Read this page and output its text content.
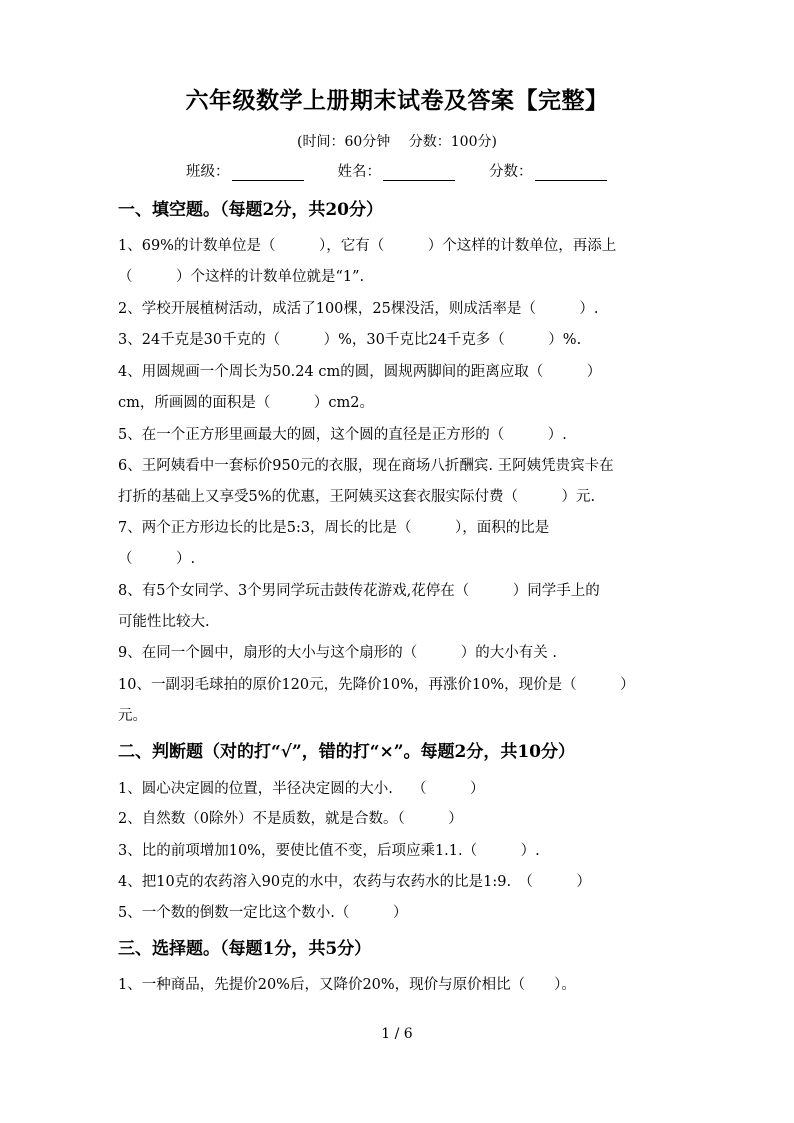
六年级数学上册期末试卷及答案【完整】
(时间：60分钟　 分数：100分)
班级：	姓名：	分数：
一、填空题。（每题2分，共20分）
1、69%的计数单位是（　　　），它有（　　　）个这样的计数单位，再添上
（　　　）个这样的计数单位就是“1”.
2、学校开展植树活动，成活了100棵，25棵没活，则成活率是（　　　）.
3、24千克是30千克的（　　　）%，30千克比24千克多（　　　）%.
4、用圆规画一个周长为50.24 cm的圆，圆规两脚间的距离应取（　　　）
cm，所画圆的面积是（　　　）cm2。
5、在一个正方形里画最大的圆，这个圆的直径是正方形的（　　　）.
6、王阿姨看中一套标价950元的衣服，现在商场八折酬宾. 王阿姨凭贵宾卡在
打折的基础上又享受5%的优惠，王阿姨买这套衣服实际付费（　　　）元.
7、两个正方形边长的比是5:3，周长的比是（　　　），面积的比是
（　　　）.
8、有5个女同学、3个男同学玩击鼓传花游戏,花停在（　　　）同学手上的
可能性比较大.
9、在同一个圆中，扇形的大小与这个扇形的（　　　）的大小有关 .
10、一副羽毛球拍的原价120元，先降价10%，再涨价10%，现价是（　　　）
元。
二、判断题（对的打“√”，错的打“×”。每题2分，共10分）
1、圆心决定圆的位置，半径决定圆的大小.　 （　　　）
2、自然数（0除外）不是质数，就是合数。（　　　）
3、比的前项增加10%，要使比值不变，后项应乘1.1.（　　　）.
4、把10克的农药溶入90克的水中，农药与农药水的比是1:9.　（　　　）
5、一个数的倒数一定比这个数小.（　　　）
三、选择题。（每题1分，共5分）
1、一种商品，先提价20%后，又降价20%，现价与原价相比（　　）。
1 / 6
